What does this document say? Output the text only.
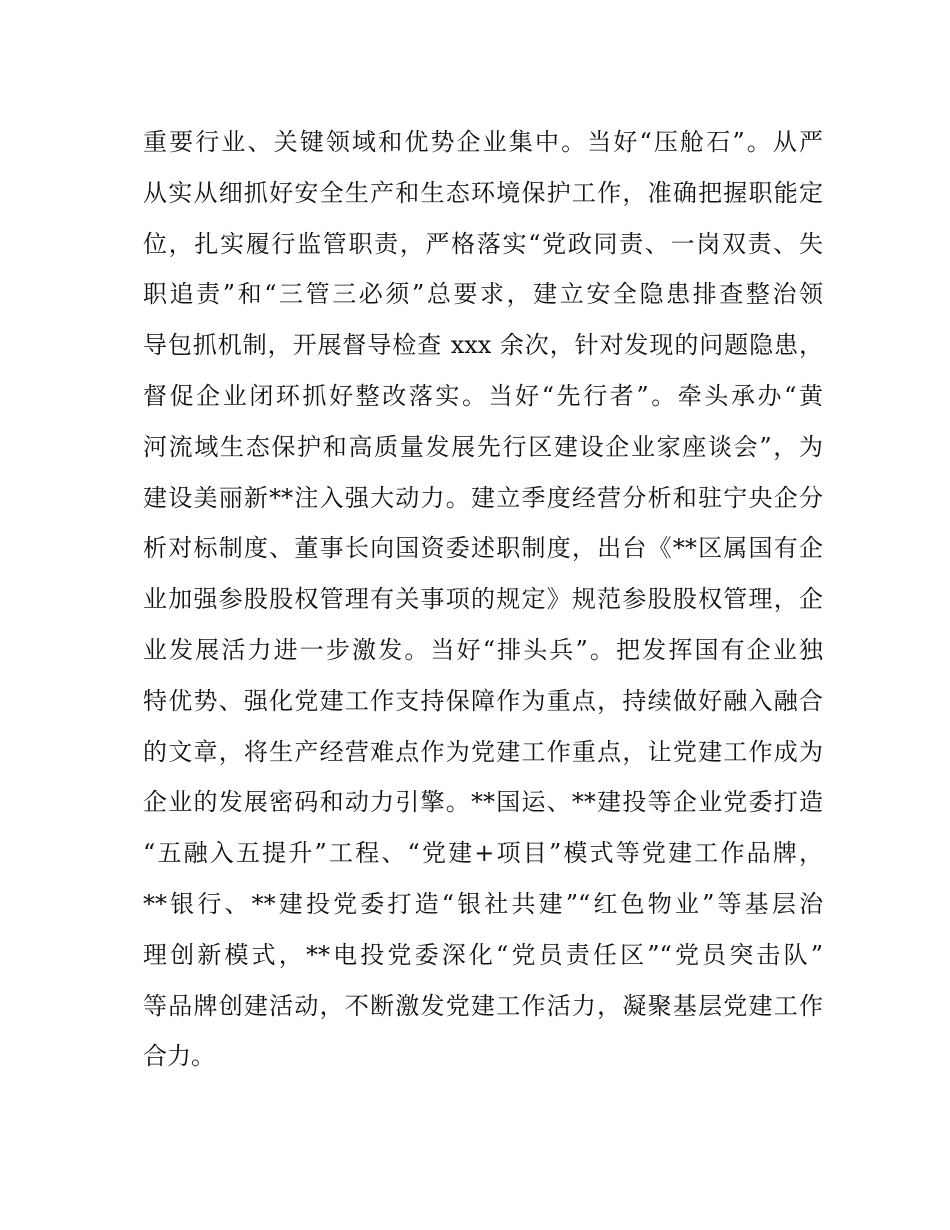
重要行业、关键领域和优势企业集中。当好“压舱石”。从严
从实从细抓好安全生产和生态环境保护工作，准确把握职能定
位，扎实履行监管职责，严格落实“党政同责、一岗双责、失
职追责”和“三管三必须”总要求，建立安全隐患排查整治领
导包抓机制，开展督导检查 xxx 余次，针对发现的问题隐患，
督促企业闭环抓好整改落实。当好“先行者”。牵头承办“黄
河流域生态保护和高质量发展先行区建设企业家座谈会”，为
建设美丽新**注入强大动力。建立季度经营分析和驻宁央企分
析对标制度、董事长向国资委述职制度，出台《**区属国有企
业加强参股股权管理有关事项的规定》规范参股股权管理，企
业发展活力进一步激发。当好“排头兵”。把发挥国有企业独
特优势、强化党建工作支持保障作为重点，持续做好融入融合
的文章，将生产经营难点作为党建工作重点，让党建工作成为
企业的发展密码和动力引擎。**国运、**建投等企业党委打造
“五融入五提升”工程、“党建+项目”模式等党建工作品牌，
**银行、**建投党委打造“银社共建”“红色物业”等基层治
理创新模式，**电投党委深化“党员责任区”“党员突击队”
等品牌创建活动，不断激发党建工作活力，凝聚基层党建工作
合力。
